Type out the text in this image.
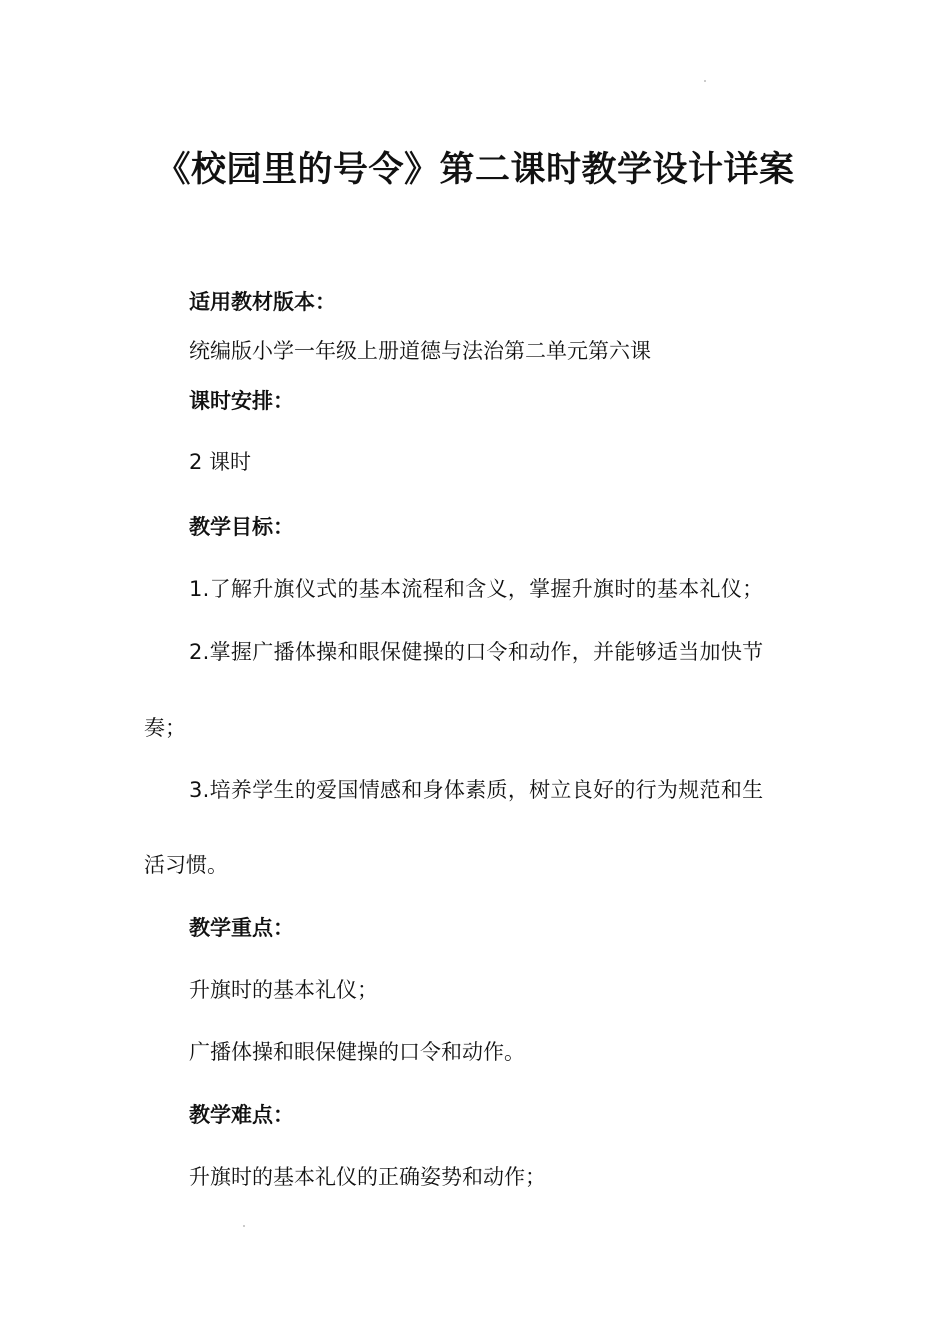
《校园里的号令》第二课时教学设计详案
适用教材版本：
统编版小学一年级上册道德与法治第二单元第六课
课时安排：
2 课时
教学目标：
1.了解升旗仪式的基本流程和含义，掌握升旗时的基本礼仪；
2.掌握广播体操和眼保健操的口令和动作，并能够适当加快节
奏；
3.培养学生的爱国情感和身体素质，树立良好的行为规范和生
活习惯。
教学重点：
升旗时的基本礼仪；
广播体操和眼保健操的口令和动作。
教学难点：
升旗时的基本礼仪的正确姿势和动作；
